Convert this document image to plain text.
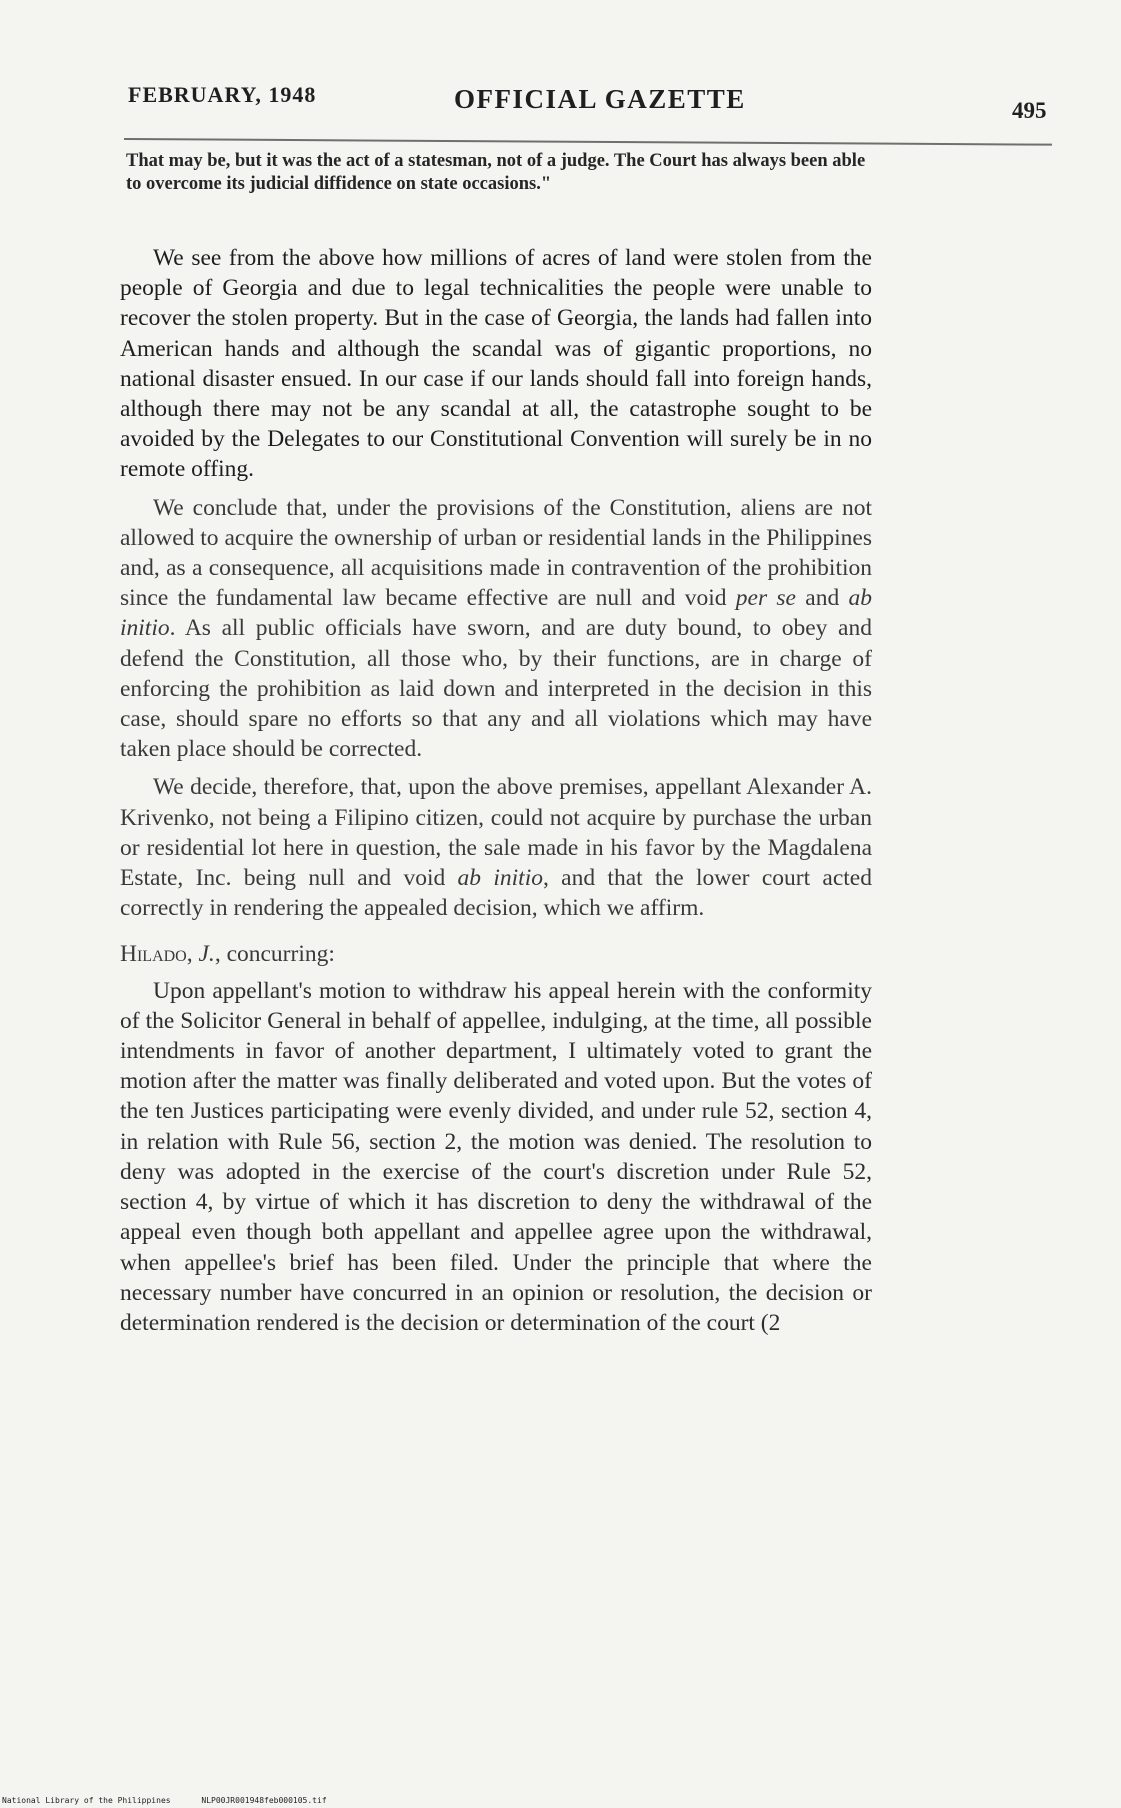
FEBRUARY, 1948	OFFICIAL GAZETTE	495

That may be, but it was the act of a statesman, not of a judge. The Court has always been able to overcome its judicial diffidence on state occasions."

We see from the above how millions of acres of land were stolen from the people of Georgia and due to legal technicalities the people were unable to recover the stolen property. But in the case of Georgia, the lands had fallen into American hands and although the scandal was of gigantic proportions, no national disaster ensued. In our case if our lands should fall into foreign hands, although there may not be any scandal at all, the catastrophe sought to be avoided by the Delegates to our Constitutional Convention will surely be in no remote offing.

We conclude that, under the provisions of the Constitution, aliens are not allowed to acquire the ownership of urban or residential lands in the Philippines and, as a consequence, all acquisitions made in contravention of the prohibition since the fundamental law became effective are null and void per se and ab initio. As all public officials have sworn, and are duty bound, to obey and defend the Constitution, all those who, by their functions, are in charge of enforcing the prohibition as laid down and interpreted in the decision in this case, should spare no efforts so that any and all violations which may have taken place should be corrected.

We decide, therefore, that, upon the above premises, appellant Alexander A. Krivenko, not being a Filipino citizen, could not acquire by purchase the urban or residential lot here in question, the sale made in his favor by the Magdalena Estate, Inc. being null and void ab initio, and that the lower court acted correctly in rendering the appealed decision, which we affirm.

Hilado, J., concurring:

Upon appellant's motion to withdraw his appeal herein with the conformity of the Solicitor General in behalf of appellee, indulging, at the time, all possible intendments in favor of another department, I ultimately voted to grant the motion after the matter was finally deliberated and voted upon. But the votes of the ten Justices participating were evenly divided, and under rule 52, section 4, in relation with Rule 56, section 2, the motion was denied. The resolution to deny was adopted in the exercise of the court's discretion under Rule 52, section 4, by virtue of which it has discretion to deny the withdrawal of the appeal even though both appellant and appellee agree upon the withdrawal, when appellee's brief has been filed. Under the principle that where the necessary number have concurred in an opinion or resolution, the decision or determination rendered is the decision or determination of the court (2

National Library of the Philippines	NLP00JR001948feb000105.tif
